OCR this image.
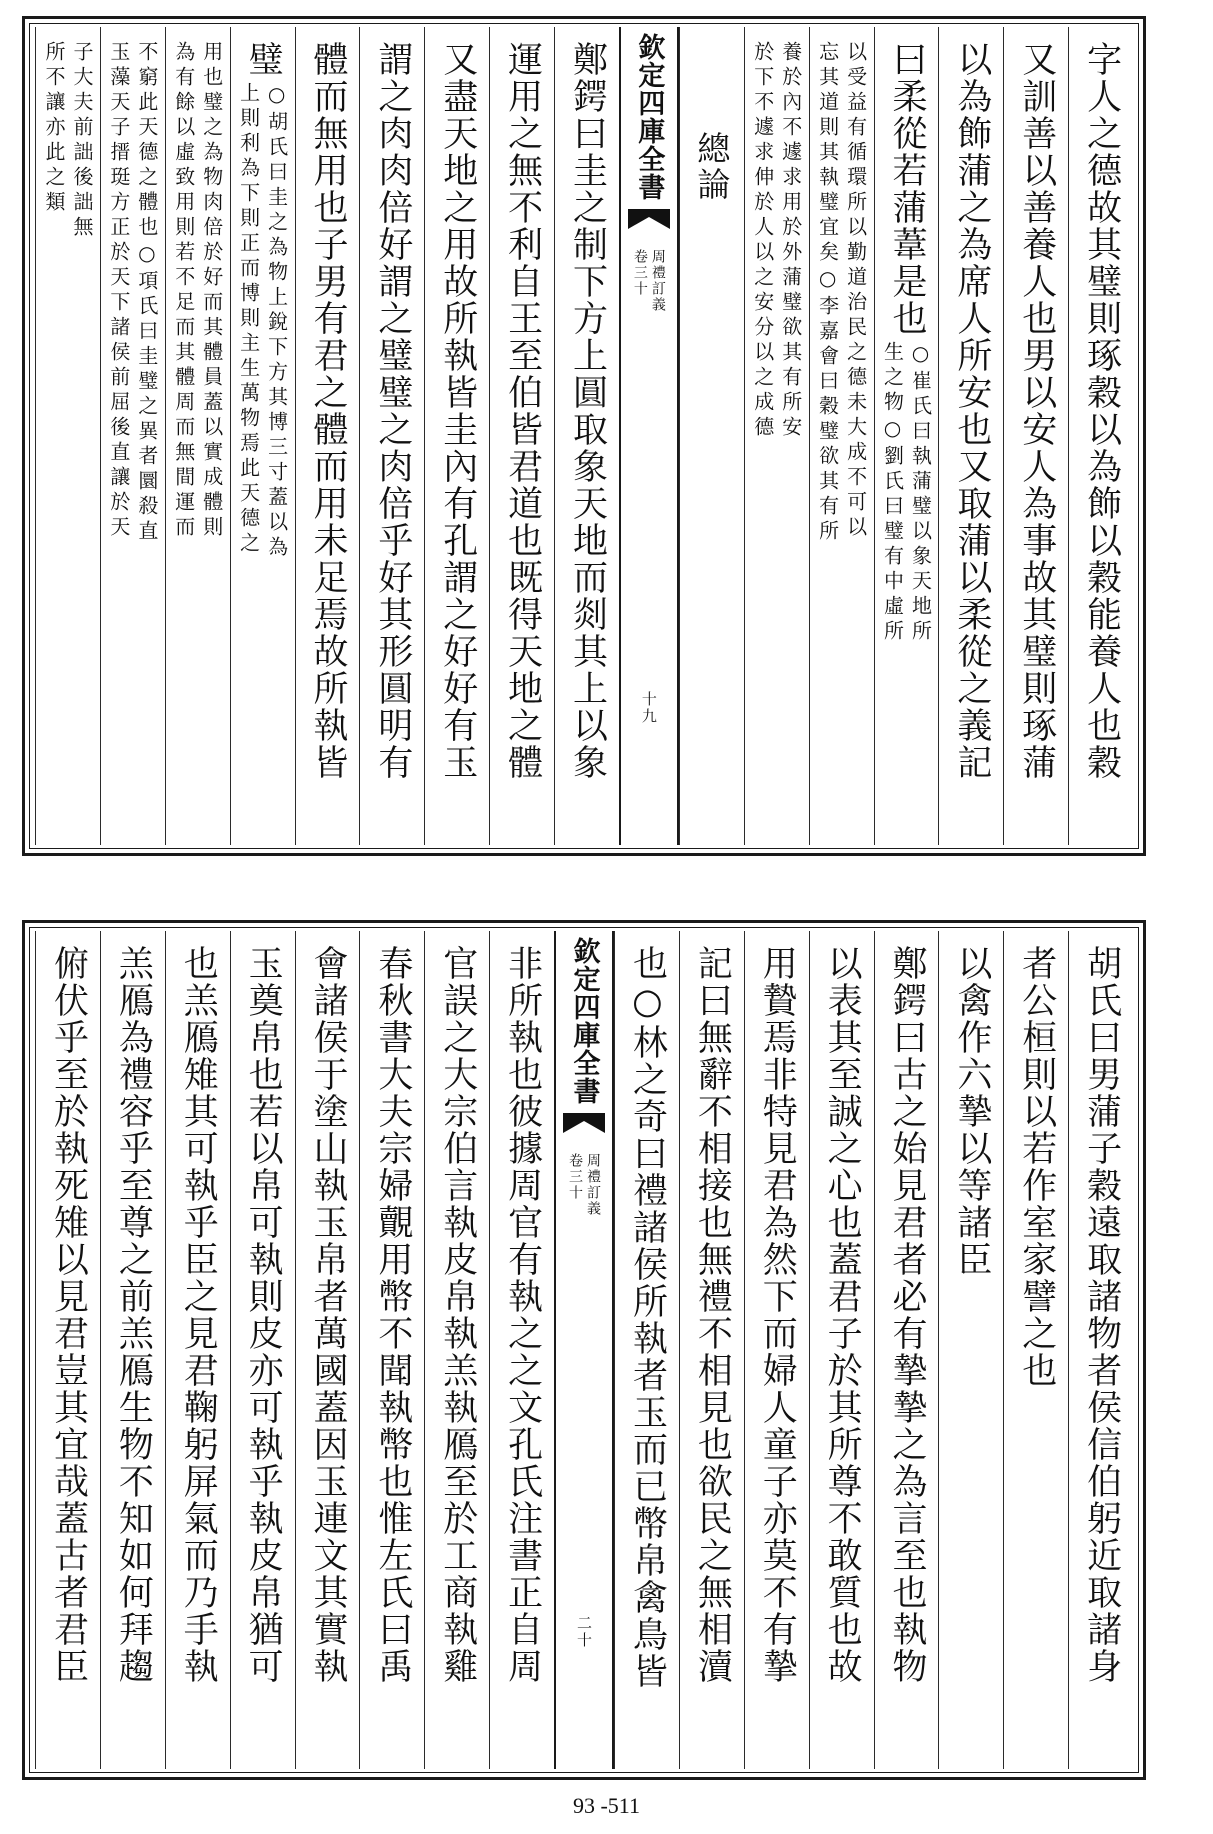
字人之德故其璧則琢穀以為飾以穀能養人也穀
又訓善以善養人也男以安人為事故其璧則琢蒲
以為飾蒲之為席人所安也又取蒲以柔從之義記
曰柔從若蒲葦是也
○崔氏曰執蒲璧以象天地所
生之物○劉氏曰璧有中虛所
以受益有循環所以勤道治民之德未大成不可以
忘其道則其執璧宜矣○李嘉會曰穀璧欲其有所
養於內不遽求用於外蒲璧欲其有所安
於下不遽求伸於人以之安分以之成德
總論
欽定四庫全書
周禮訂義
卷三十
十九
鄭鍔曰圭之制下方上圓取象天地而剡其上以象
運用之無不利自王至伯皆君道也既得天地之體
又盡天地之用故所執皆圭內有孔謂之好好有玉
謂之肉肉倍好謂之璧璧之肉倍乎好其形圓明有
體而無用也子男有君之體而用未足焉故所執皆
璧
○胡氏曰圭之為物上銳下方其博三寸蓋以為
上則利為下則正而博則主生萬物焉此天德之
用也璧之為物肉倍於好而其體員蓋以實成體則
為有餘以虛致用則若不足而其體周而無間運而
不窮此天德之體也○項氏曰圭璧之異者圜殺直
玉藻天子搢珽方正於天下諸侯前屈後直讓於天
子大夫前詘後詘無
所不讓亦此之類
胡氏曰男蒲子穀遠取諸物者侯信伯躬近取諸身
者公桓則以若作室家譬之也
以禽作六摯以等諸臣
鄭鍔曰古之始見君者必有摯摯之為言至也執物
以表其至誠之心也蓋君子於其所尊不敢質也故
用贄焉非特見君為然下而婦人童子亦莫不有摯
記曰無辭不相接也無禮不相見也欲民之無相瀆
也○林之奇曰禮諸侯所執者玉而已幣帛禽鳥皆
欽定四庫全書
周禮訂義
卷三十
二十
非所執也彼據周官有執之之文孔氏注書正自周
官誤之大宗伯言執皮帛執羔執鴈至於工商執雞
春秋書大夫宗婦覿用幣不聞執幣也惟左氏曰禹
會諸侯于塗山執玉帛者萬國蓋因玉連文其實執
玉奠帛也若以帛可執則皮亦可執乎執皮帛猶可
也羔鴈雉其可執乎臣之見君鞠躬屏氣而乃手執
羔鴈為禮容乎至尊之前羔鴈生物不知如何拜趨
俯伏乎至於執死雉以見君豈其宜哉蓋古者君臣
93 -511
